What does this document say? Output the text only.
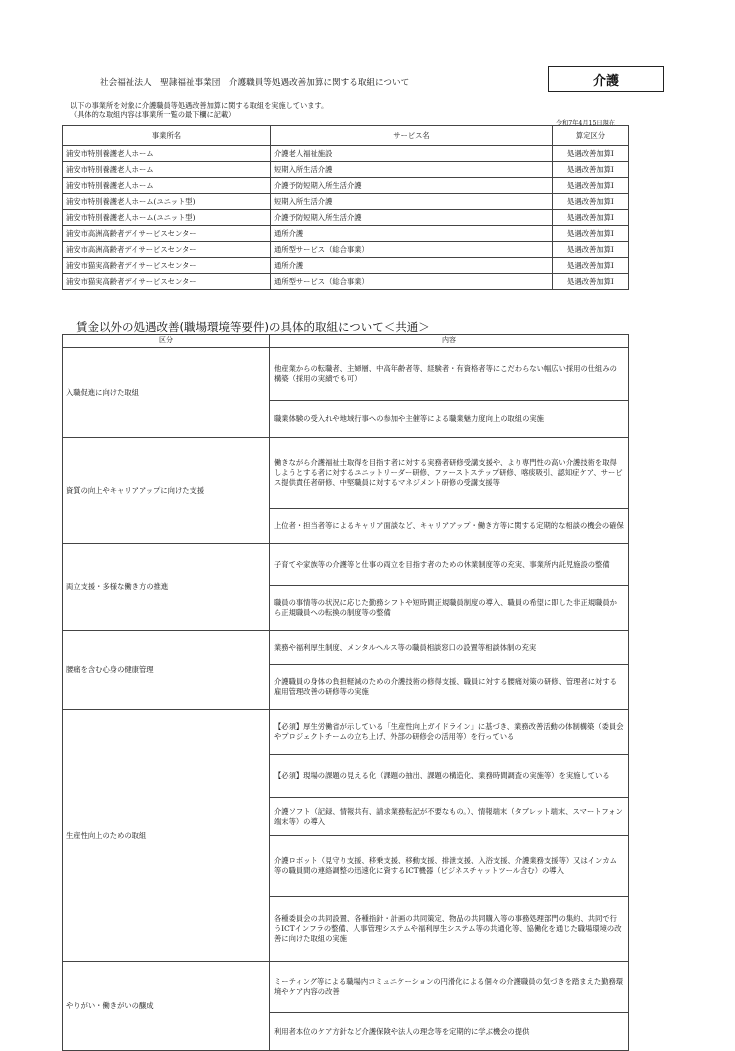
社会福祉法人　聖隷福祉事業団　介護職員等処遇改善加算に関する取組について	介護
以下の事業所を対象に介護職員等処遇改善加算に関する取組を実施しています。
（具体的な取組内容は事業所一覧の最下欄に記載）
令和7年4月15日現在
事業所名	サービス名	算定区分
浦安市特別養護老人ホーム	介護老人福祉施設	処遇改善加算Ⅰ
浦安市特別養護老人ホーム	短期入所生活介護	処遇改善加算Ⅰ
浦安市特別養護老人ホーム	介護予防短期入所生活介護	処遇改善加算Ⅰ
浦安市特別養護老人ホーム(ユニット型)	短期入所生活介護	処遇改善加算Ⅰ
浦安市特別養護老人ホーム(ユニット型)	介護予防短期入所生活介護	処遇改善加算Ⅰ
浦安市高洲高齢者デイサービスセンター	通所介護	処遇改善加算Ⅰ
浦安市高洲高齢者デイサービスセンター	通所型サービス（総合事業）	処遇改善加算Ⅰ
浦安市猫実高齢者デイサービスセンター	通所介護	処遇改善加算Ⅰ
浦安市猫実高齢者デイサービスセンター	通所型サービス（総合事業）	処遇改善加算Ⅰ
賃金以外の処遇改善(職場環境等要件)の具体的取組について＜共通＞
区分	内容
入職促進に向けた取組	他産業からの転職者、主婦層、中高年齢者等、経験者・有資格者等にこだわらない幅広い採用の仕組みの構築（採用の実績でも可）
	職業体験の受入れや地域行事への参加や主催等による職業魅力度向上の取組の実施
資質の向上やキャリアアップに向けた支援	働きながら介護福祉士取得を目指す者に対する実務者研修受講支援や、より専門性の高い介護技術を取得しようとする者に対するユニットリーダー研修、ファーストステップ研修、喀痰吸引、認知症ケア、サービス提供責任者研修、中堅職員に対するマネジメント研修の受講支援等
	上位者・担当者等によるキャリア面談など、キャリアアップ・働き方等に関する定期的な相談の機会の確保
両立支援・多様な働き方の推進	子育てや家族等の介護等と仕事の両立を目指す者のための休業制度等の充実、事業所内託児施設の整備
	職員の事情等の状況に応じた勤務シフトや短時間正規職員制度の導入、職員の希望に即した非正規職員から正規職員への転換の制度等の整備
腰痛を含む心身の健康管理	業務や福利厚生制度、メンタルヘルス等の職員相談窓口の設置等相談体制の充実
	介護職員の身体の負担軽減のための介護技術の修得支援、職員に対する腰痛対策の研修、管理者に対する雇用管理改善の研修等の実施
生産性向上のための取組	【必須】厚生労働省が示している「生産性向上ガイドライン」に基づき、業務改善活動の体制構築（委員会やプロジェクトチームの立ち上げ、外部の研修会の活用等）を行っている
	【必須】現場の課題の見える化（課題の抽出、課題の構造化、業務時間調査の実施等）を実施している
	介護ソフト（記録、情報共有、請求業務転記が不要なもの。）、情報端末（タブレット端末、スマートフォン端末等）の導入
	介護ロボット（見守り支援、移乗支援、移動支援、排泄支援、入浴支援、介護業務支援等）又はインカム等の職員間の連絡調整の迅速化に資するICT機器（ビジネスチャットツール含む）の導入
	各種委員会の共同設置、各種指針・計画の共同策定、物品の共同購入等の事務処理部門の集約、共同で行うICTインフラの整備、人事管理システムや福利厚生システム等の共通化等、協働化を通じた職場環境の改善に向けた取組の実施
やりがい・働きがいの醸成	ミーティング等による職場内コミュニケーションの円滑化による個々の介護職員の気づきを踏まえた勤務環境やケア内容の改善
	利用者本位のケア方針など介護保険や法人の理念等を定期的に学ぶ機会の提供
